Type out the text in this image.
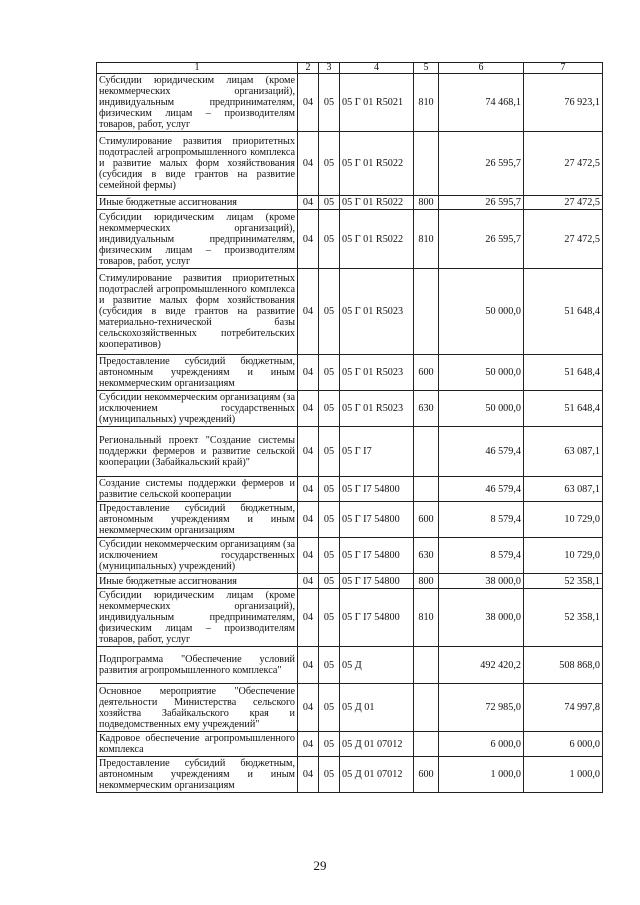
1	2	3	4	5	6	7
Субсидии юридическим лицам (кроме некоммерческих организаций), индивидуальным предпринимателям, физическим лицам – производителям товаров, работ, услуг	04	05	05 Г 01 R5021	810	74 468,1	76 923,1
Стимулирование развития приоритетных подотраслей агропромышленного комплекса и развитие малых форм хозяйствования (субсидия в виде грантов на развитие семейной фермы)	04	05	05 Г 01 R5022		26 595,7	27 472,5
Иные бюджетные ассигнования	04	05	05 Г 01 R5022	800	26 595,7	27 472,5
Субсидии юридическим лицам (кроме некоммерческих организаций), индивидуальным предпринимателям, физическим лицам – производителям товаров, работ, услуг	04	05	05 Г 01 R5022	810	26 595,7	27 472,5
Стимулирование развития приоритетных подотраслей агропромышленного комплекса и развитие малых форм хозяйствования (субсидия в виде грантов на развитие материально-технической базы сельскохозяйственных потребительских кооперативов)	04	05	05 Г 01 R5023		50 000,0	51 648,4
Предоставление субсидий бюджетным, автономным учреждениям и иным некоммерческим организациям	04	05	05 Г 01 R5023	600	50 000,0	51 648,4
Субсидии некоммерческим организациям (за исключением государственных (муниципальных) учреждений)	04	05	05 Г 01 R5023	630	50 000,0	51 648,4
Региональный проект "Создание системы поддержки фермеров и развитие сельской кооперации (Забайкальский край)"	04	05	05 Г I7		46 579,4	63 087,1
Создание системы поддержки фермеров и развитие сельской кооперации	04	05	05 Г I7 54800		46 579,4	63 087,1
Предоставление субсидий бюджетным, автономным учреждениям и иным некоммерческим организациям	04	05	05 Г I7 54800	600	8 579,4	10 729,0
Субсидии некоммерческим организациям (за исключением государственных (муниципальных) учреждений)	04	05	05 Г I7 54800	630	8 579,4	10 729,0
Иные бюджетные ассигнования	04	05	05 Г I7 54800	800	38 000,0	52 358,1
Субсидии юридическим лицам (кроме некоммерческих организаций), индивидуальным предпринимателям, физическим лицам – производителям товаров, работ, услуг	04	05	05 Г I7 54800	810	38 000,0	52 358,1
Подпрограмма "Обеспечение условий развития агропромышленного комплекса"	04	05	05 Д		492 420,2	508 868,0
Основное мероприятие "Обеспечение деятельности Министерства сельского хозяйства Забайкальского края и подведомственных ему учреждений"	04	05	05 Д 01		72 985,0	74 997,8
Кадровое обеспечение агропромышленного комплекса	04	05	05 Д 01 07012		6 000,0	6 000,0
Предоставление субсидий бюджетным, автономным учреждениям и иным некоммерческим организациям	04	05	05 Д 01 07012	600	1 000,0	1 000,0
29
